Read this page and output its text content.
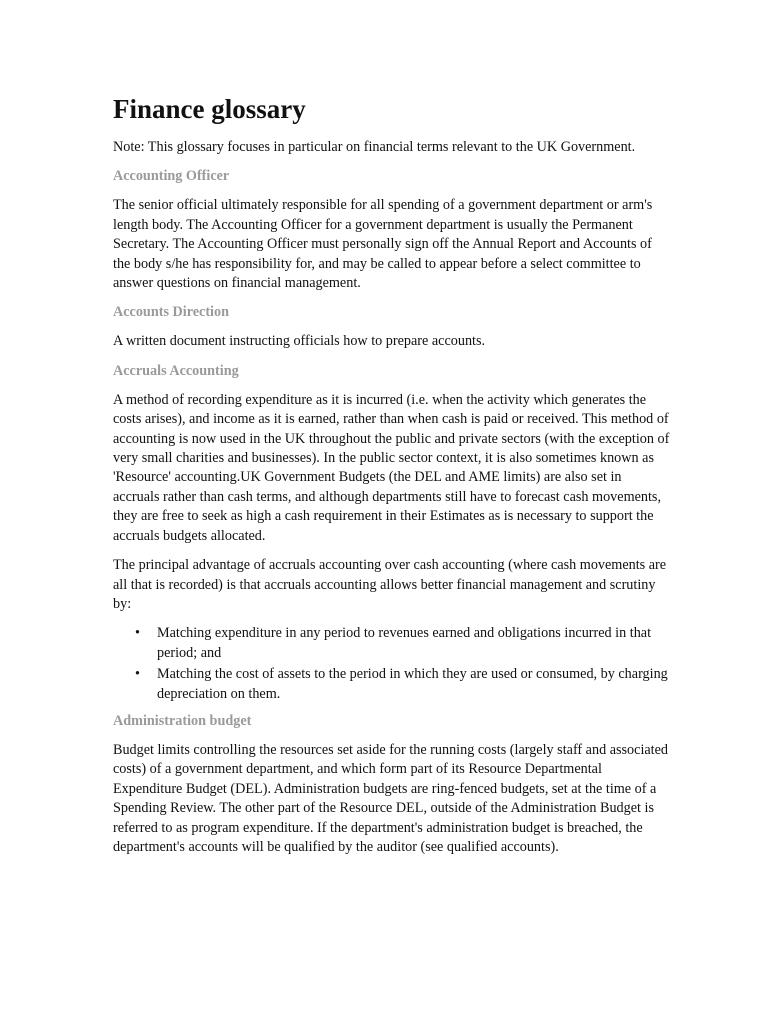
Finance glossary

Note: This glossary focuses in particular on financial terms relevant to the UK Government.

Accounting Officer

The senior official ultimately responsible for all spending of a government department or arm's length body. The Accounting Officer for a government department is usually the Permanent Secretary. The Accounting Officer must personally sign off the Annual Report and Accounts of the body s/he has responsibility for, and may be called to appear before a select committee to answer questions on financial management.

Accounts Direction

A written document instructing officials how to prepare accounts.

Accruals Accounting

A method of recording expenditure as it is incurred (i.e. when the activity which generates the costs arises), and income as it is earned, rather than when cash is paid or received. This method of accounting is now used in the UK throughout the public and private sectors (with the exception of very small charities and businesses). In the public sector context, it is also sometimes known as 'Resource' accounting.UK Government Budgets (the DEL and AME limits) are also set in accruals rather than cash terms, and although departments still have to forecast cash movements, they are free to seek as high a cash requirement in their Estimates as is necessary to support the accruals budgets allocated.

The principal advantage of accruals accounting over cash accounting (where cash movements are all that is recorded) is that accruals accounting allows better financial management and scrutiny by:

• Matching expenditure in any period to revenues earned and obligations incurred in that period; and
• Matching the cost of assets to the period in which they are used or consumed, by charging depreciation on them.
Administration budget

Budget limits controlling the resources set aside for the running costs (largely staff and associated costs) of a government department, and which form part of its Resource Departmental Expenditure Budget (DEL). Administration budgets are ring-fenced budgets, set at the time of a Spending Review. The other part of the Resource DEL, outside of the Administration Budget is referred to as program expenditure. If the department's administration budget is breached, the department's accounts will be qualified by the auditor (see qualified accounts).
